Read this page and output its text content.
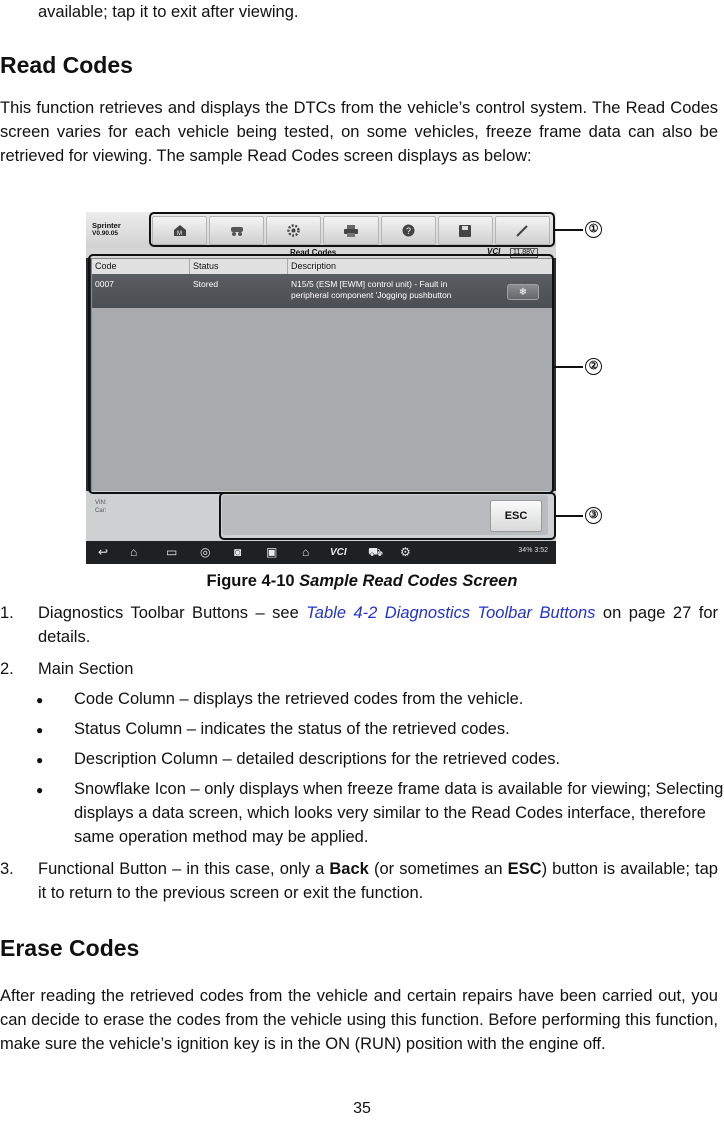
available; tap it to exit after viewing.
Read Codes
This function retrieves and displays the DTCs from the vehicle’s control system. The Read Codes screen varies for each vehicle being tested, on some vehicles, freeze frame data can also be retrieved for viewing. The sample Read Codes screen displays as below:
Sprinter
V0.90.05	M	?
Read Codes	VCI	11.88V
Code	Status	Description
0007	Stored	N15/5 (ESM [EWM] control unit) - Fault in
peripheral component 'Jogging pushbutton	❄
VIN:
Car:	ESC
↩ ⌂ ▭ ◎ ◙ ▣ ⌂ VCI ⛟ ⚙	34% 3:52
①
②
③
Figure 4-10 Sample Read Codes Screen
1. Diagnostics Toolbar Buttons – see Table 4-2 Diagnostics Toolbar Buttons on page 27 for details.
2. Main Section
● Code Column – displays the retrieved codes from the vehicle.
● Status Column – indicates the status of the retrieved codes.
● Description Column – detailed descriptions for the retrieved codes.
● Snowflake Icon – only displays when freeze frame data is available for viewing; Selecting displays a data screen, which looks very similar to the Read Codes interface, therefore same operation method may be applied.
3. Functional Button – in this case, only a Back (or sometimes an ESC) button is available; tap it to return to the previous screen or exit the function.
Erase Codes
After reading the retrieved codes from the vehicle and certain repairs have been carried out, you can decide to erase the codes from the vehicle using this function. Before performing this function, make sure the vehicle’s ignition key is in the ON (RUN) position with the engine off.
35
